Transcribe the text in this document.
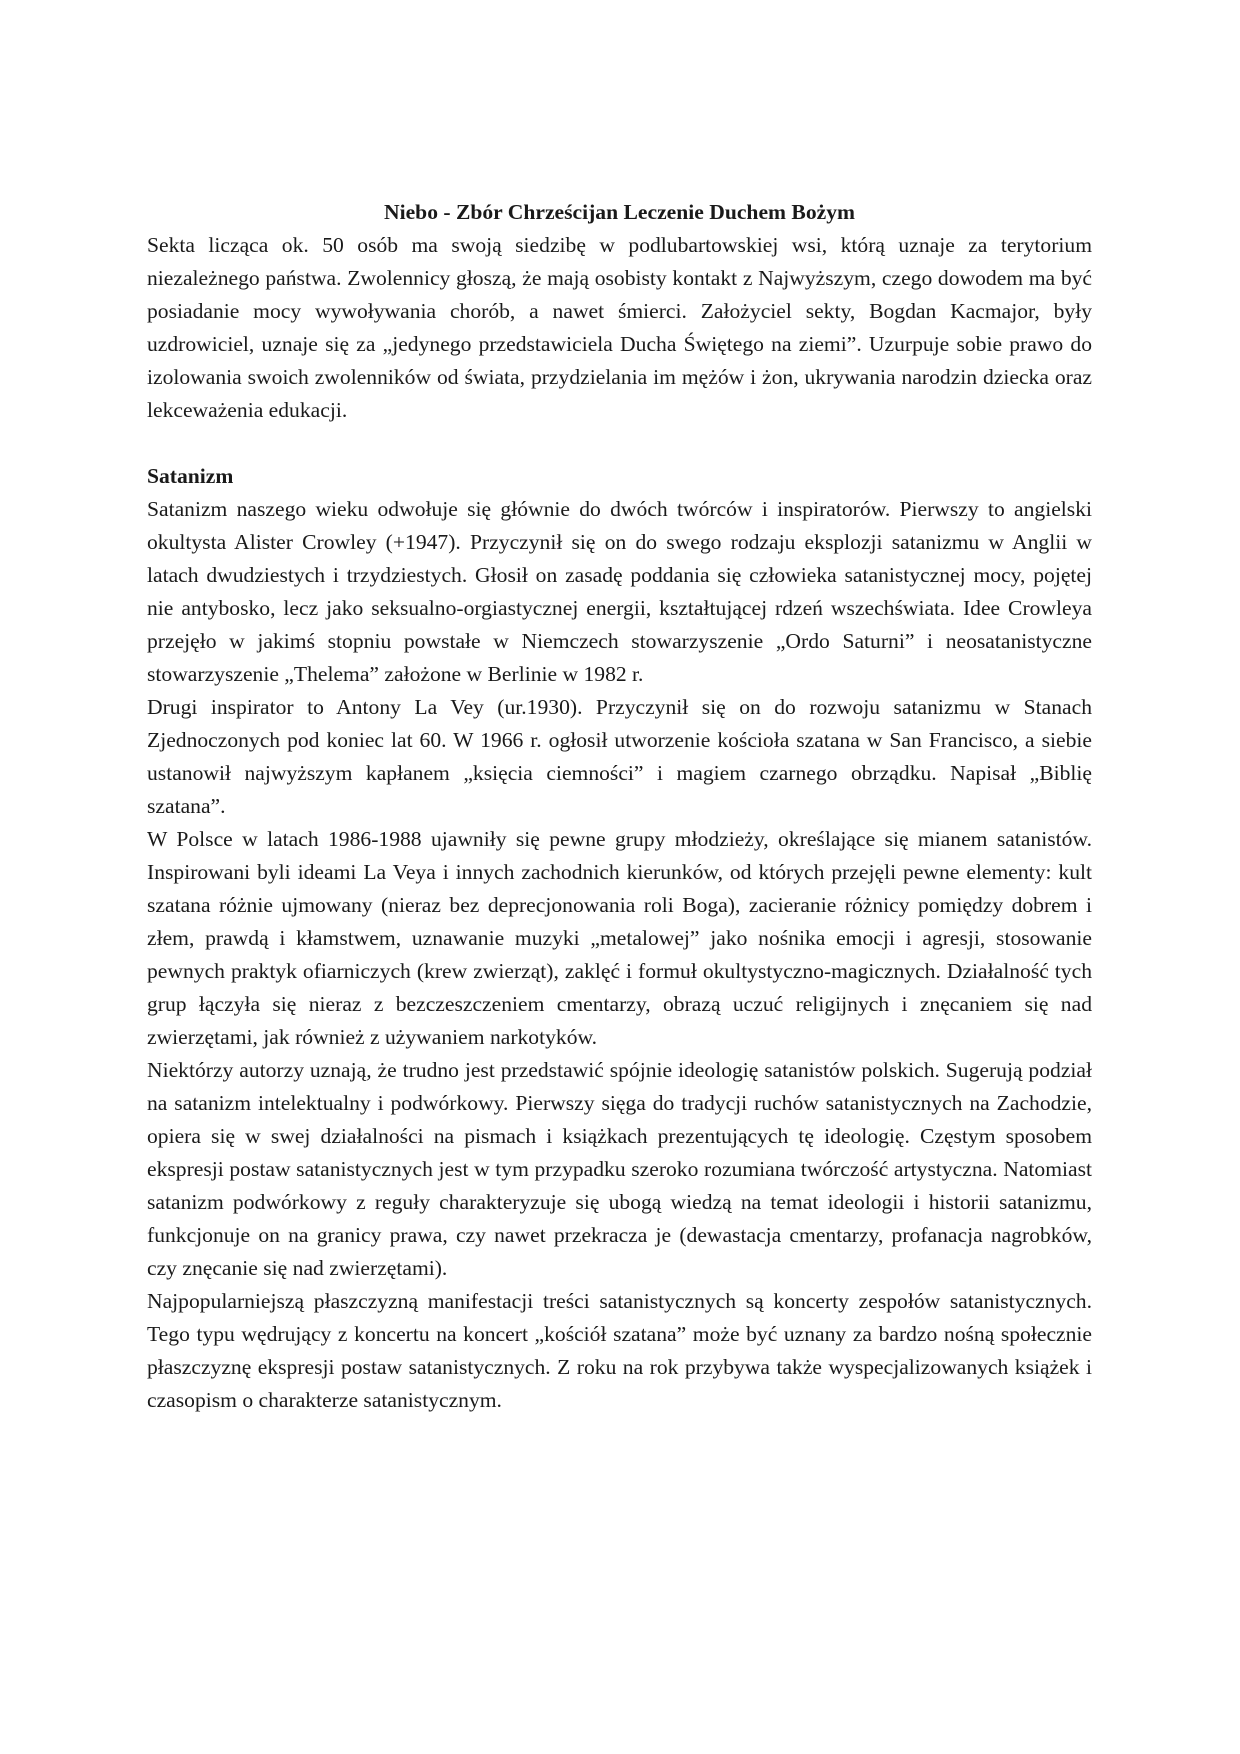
Niebo - Zbór Chrześcijan Leczenie Duchem Bożym

Sekta licząca ok. 50 osób ma swoją siedzibę w podlubartowskiej wsi, którą uznaje za terytorium niezależnego państwa. Zwolennicy głoszą, że mają osobisty kontakt z Najwyższym, czego dowodem ma być posiadanie mocy wywoływania chorób, a nawet śmierci. Założyciel sekty, Bogdan Kacmajor, były uzdrowiciel, uznaje się za „jedynego przedstawiciela Ducha Świętego na ziemi”. Uzurpuje sobie prawo do izolowania swoich zwolenników od świata, przydzielania im mężów i żon, ukrywania narodzin dziecka oraz lekceważenia edukacji.

Satanizm

Satanizm naszego wieku odwołuje się głównie do dwóch twórców i inspiratorów. Pierwszy to angielski okultysta Alister Crowley (+1947). Przyczynił się on do swego rodzaju eksplozji satanizmu w Anglii w latach dwudziestych i trzydziestych. Głosił on zasadę poddania się człowieka satanistycznej mocy, pojętej nie antybosko, lecz jako seksualno-orgiastycznej energii, kształtującej rdzeń wszechświata. Idee Crowleya przejęło w jakimś stopniu powstałe w Niemczech stowarzyszenie „Ordo Saturni” i neosatanistyczne stowarzyszenie „Thelema” założone w Berlinie w 1982 r.

Drugi inspirator to Antony La Vey (ur.1930). Przyczynił się on do rozwoju satanizmu w Stanach Zjednoczonych pod koniec lat 60. W 1966 r. ogłosił utworzenie kościoła szatana w San Francisco, a siebie ustanowił najwyższym kapłanem „księcia ciemności” i magiem czarnego obrządku. Napisał „Biblię szatana”.

W Polsce w latach 1986-1988 ujawniły się pewne grupy młodzieży, określające się mianem satanistów. Inspirowani byli ideami La Veya i innych zachodnich kierunków, od których przejęli pewne elementy: kult szatana różnie ujmowany (nieraz bez deprecjonowania roli Boga), zacieranie różnicy pomiędzy dobrem i złem, prawdą i kłamstwem, uznawanie muzyki „metalowej” jako nośnika emocji i agresji, stosowanie pewnych praktyk ofiarniczych (krew zwierząt), zaklęć i formuł okultystyczno-magicznych. Działalność tych grup łączyła się nieraz z bezczeszczeniem cmentarzy, obrazą uczuć religijnych i znęcaniem się nad zwierzętami, jak również z używaniem narkotyków.

Niektórzy autorzy uznają, że trudno jest przedstawić spójnie ideologię satanistów polskich. Sugerują podział na satanizm intelektualny i podwórkowy. Pierwszy sięga do tradycji ruchów satanistycznych na Zachodzie, opiera się w swej działalności na pismach i książkach prezentujących tę ideologię. Częstym sposobem ekspresji postaw satanistycznych jest w tym przypadku szeroko rozumiana twórczość artystyczna. Natomiast satanizm podwórkowy z reguły charakteryzuje się ubogą wiedzą na temat ideologii i historii satanizmu, funkcjonuje on na granicy prawa, czy nawet przekracza je (dewastacja cmentarzy, profanacja nagrobków, czy znęcanie się nad zwierzętami).

Najpopularniejszą płaszczyzną manifestacji treści satanistycznych są koncerty zespołów satanistycznych. Tego typu wędrujący z koncertu na koncert „kościół szatana” może być uznany za bardzo nośną społecznie płaszczyznę ekspresji postaw satanistycznych. Z roku na rok przybywa także wyspecjalizowanych książek i czasopism o charakterze satanistycznym.
